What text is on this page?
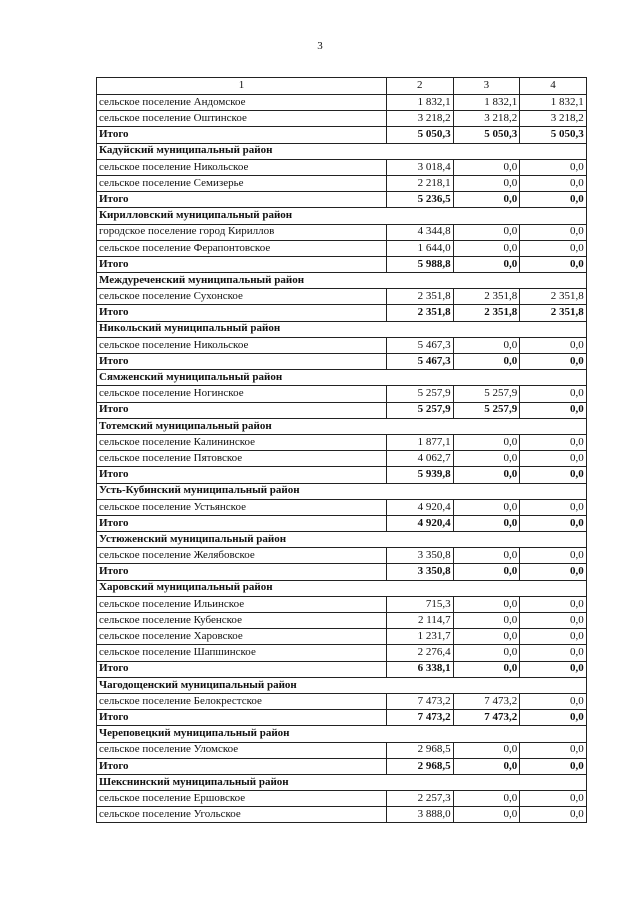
3
1	2	3	4
сельское поселение Андомское	1 832,1	1 832,1	1 832,1
сельское поселение Оштинское	3 218,2	3 218,2	3 218,2
Итого	5 050,3	5 050,3	5 050,3
Кадуйский муниципальный район			
сельское поселение Никольское	3 018,4	0,0	0,0
сельское поселение Семизерье	2 218,1	0,0	0,0
Итого	5 236,5	0,0	0,0
Кирилловский муниципальный район			
городское поселение город Кириллов	4 344,8	0,0	0,0
сельское поселение Ферапонтовское	1 644,0	0,0	0,0
Итого	5 988,8	0,0	0,0
Междуреченский муниципальный район			
сельское поселение Сухонское	2 351,8	2 351,8	2 351,8
Итого	2 351,8	2 351,8	2 351,8
Никольский муниципальный район			
сельское поселение Никольское	5 467,3	0,0	0,0
Итого	5 467,3	0,0	0,0
Сямженский муниципальный район			
сельское поселение Ногинское	5 257,9	5 257,9	0,0
Итого	5 257,9	5 257,9	0,0
Тотемский муниципальный район			
сельское поселение Калининское	1 877,1	0,0	0,0
сельское поселение Пятовское	4 062,7	0,0	0,0
Итого	5 939,8	0,0	0,0
Усть-Кубинский муниципальный район			
сельское поселение Устьянское	4 920,4	0,0	0,0
Итого	4 920,4	0,0	0,0
Устюженский муниципальный район			
сельское поселение Желябовское	3 350,8	0,0	0,0
Итого	3 350,8	0,0	0,0
Харовский муниципальный район			
сельское поселение Ильинское	715,3	0,0	0,0
сельское поселение Кубенское	2 114,7	0,0	0,0
сельское поселение Харовское	1 231,7	0,0	0,0
сельское поселение Шапшинское	2 276,4	0,0	0,0
Итого	6 338,1	0,0	0,0
Чагодощенский муниципальный район			
сельское поселение Белокрестское	7 473,2	7 473,2	0,0
Итого	7 473,2	7 473,2	0,0
Череповецкий муниципальный район			
сельское поселение Уломское	2 968,5	0,0	0,0
Итого	2 968,5	0,0	0,0
Шекснинский муниципальный район			
сельское поселение Ершовское	2 257,3	0,0	0,0
сельское поселение Угольское	3 888,0	0,0	0,0
